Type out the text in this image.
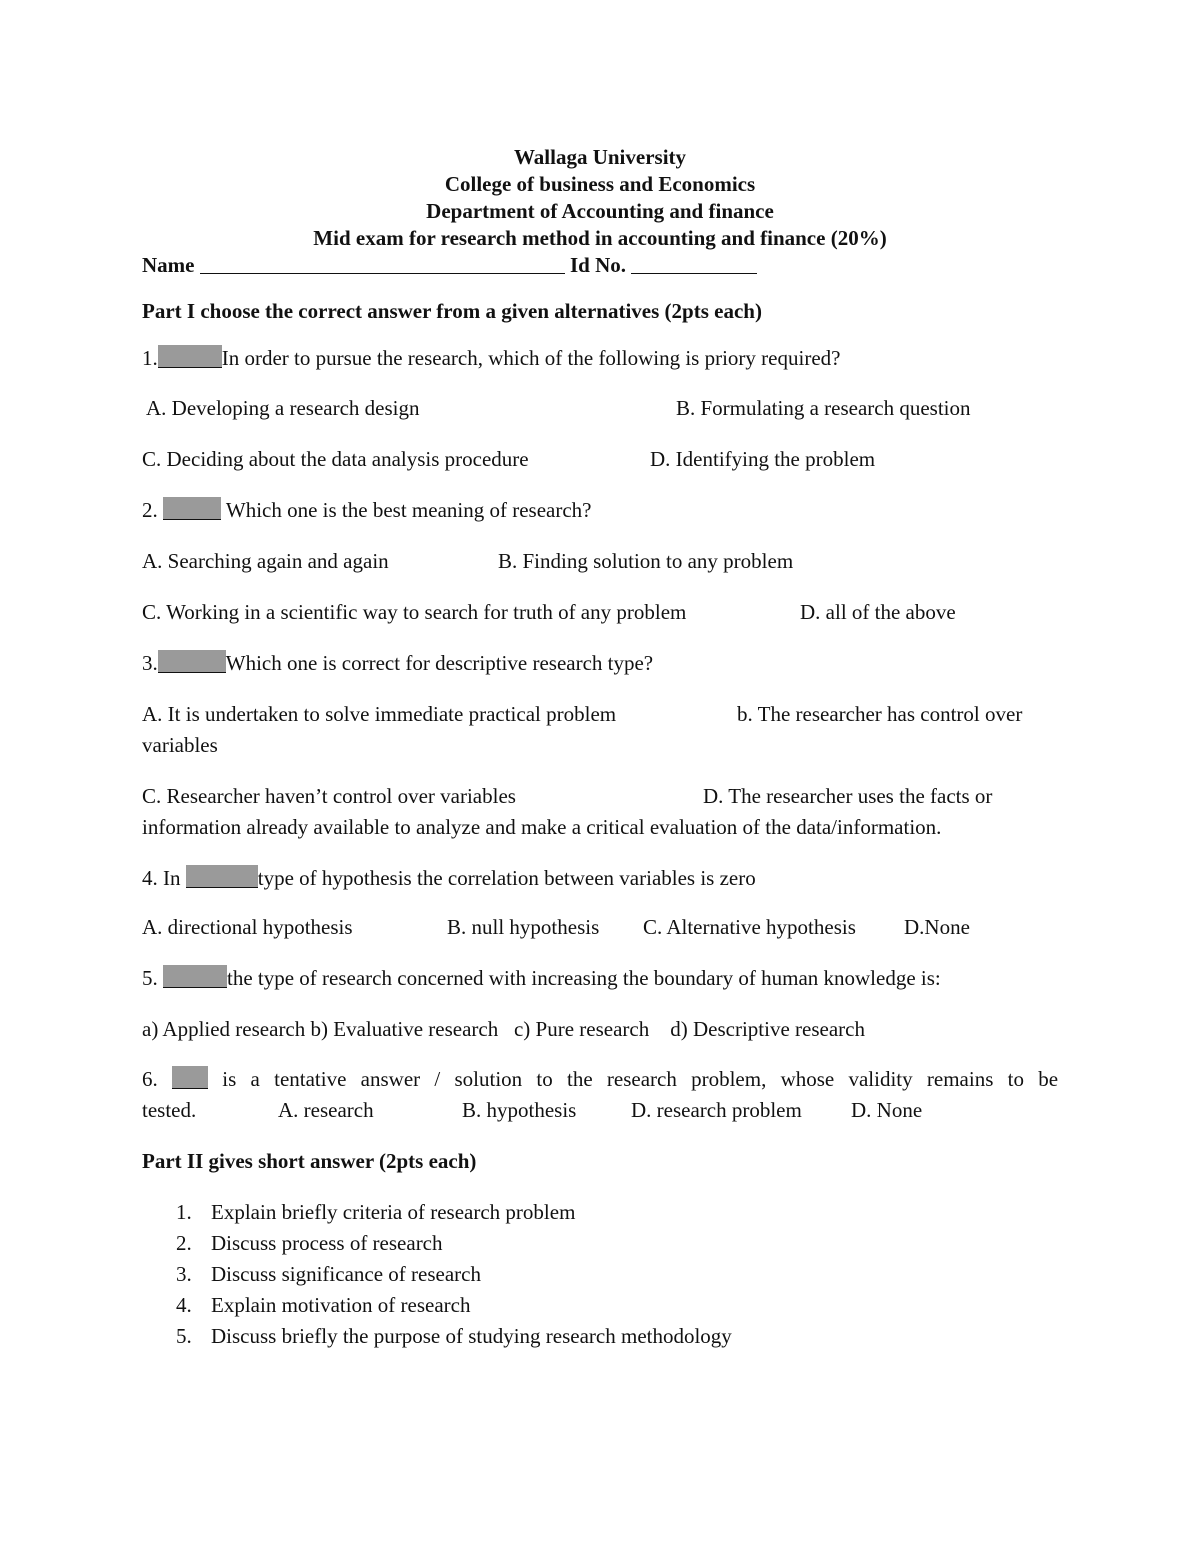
Wallaga University
College of business and Economics
Department of Accounting and finance
Mid exam for research method in accounting and finance (20%)
Name	Id No.
Part I choose the correct answer from a given alternatives (2pts each)
1.	In order to pursue the research, which of the following is priory required?
A. Developing a research design	B. Formulating a research question
C. Deciding about the data analysis procedure	D. Identifying the problem
2.	Which one is the best meaning of research?
A. Searching again and again	B. Finding solution to any problem
C. Working in a scientific way to search for truth of any problem	D. all of the above
3.	Which one is correct for descriptive research type?
A. It is undertaken to solve immediate practical problem	b. The researcher has control over
variables
C. Researcher haven’t control over variables	D. The researcher uses the facts or
information already available to analyze and make a critical evaluation of the data/information.
4. In	type of hypothesis the correlation between variables is zero
A. directional hypothesis	B. null hypothesis C. Alternative hypothesis D.None
5.	the type of research concerned with increasing the boundary of human knowledge is:
a) Applied research b) Evaluative research   c) Pure research    d) Descriptive research
6.	is a tentative answer / solution to the research problem, whose validity remains to be
tested.	A. research	B. hypothesis	D. research problem D. None
Part II gives short answer (2pts each)
1. Explain briefly criteria of research problem
2. Discuss process of research
3. Discuss significance of research
4. Explain motivation of research
5. Discuss briefly the purpose of studying research methodology
